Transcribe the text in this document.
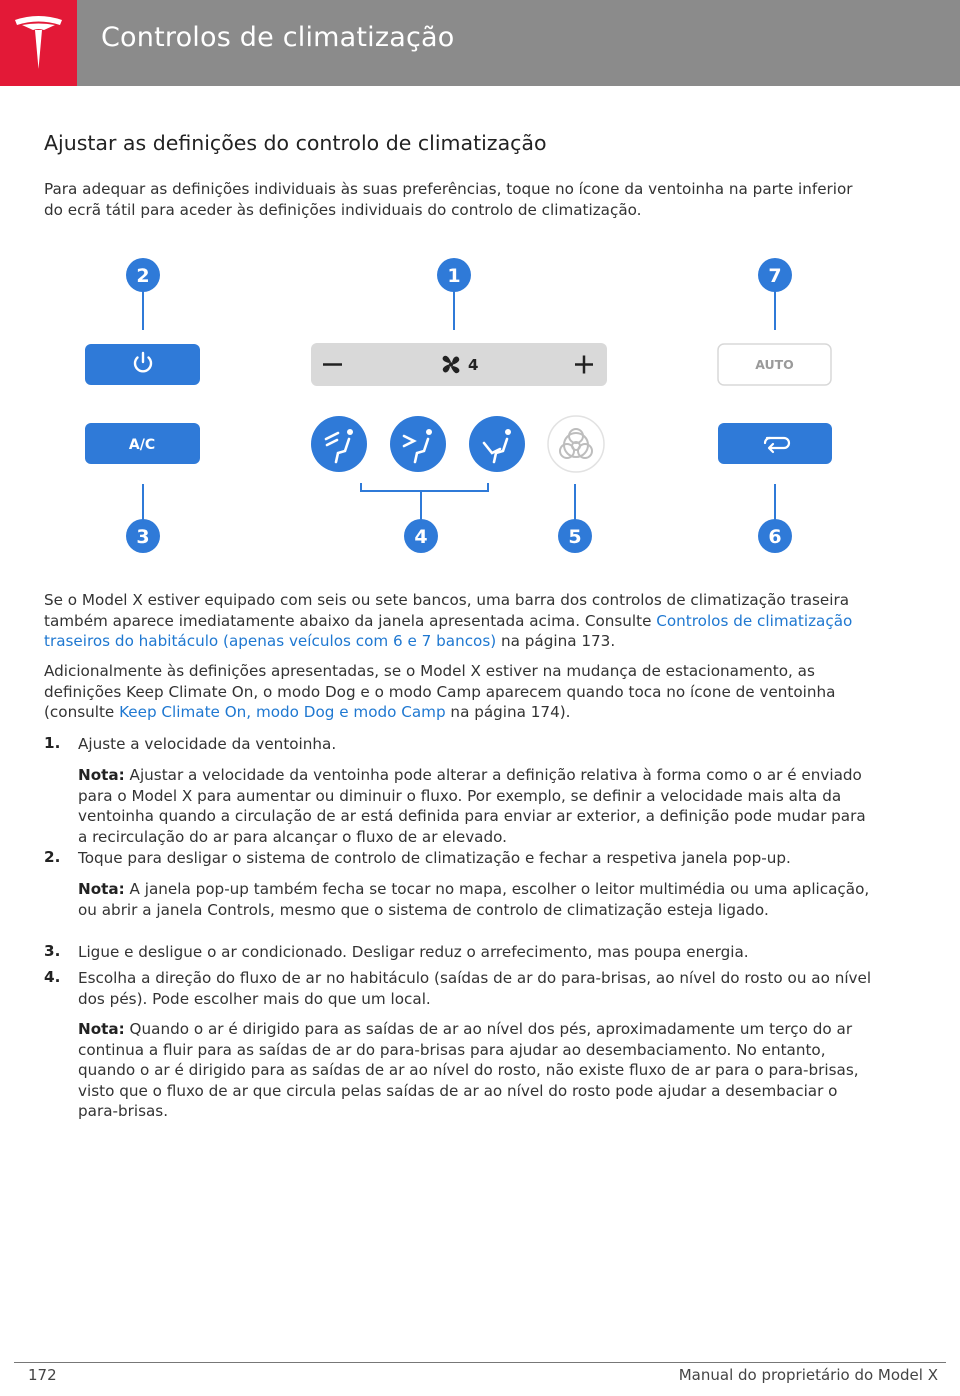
Controlos de climatização
Ajustar as definições do controlo de climatização
Para adequar as definições individuais às suas preferências, toque no ícone da ventoinha na parte inferior do ecrã tátil para aceder às definições individuais do controlo de climatização.
2	1	7
3	4	5	6
A/C
4	AUTO
Se o Model X estiver equipado com seis ou sete bancos, uma barra dos controlos de climatização traseira também aparece imediatamente abaixo da janela apresentada acima. Consulte Controlos de climatização traseiros do habitáculo (apenas veículos com 6 e 7 bancos) na página 173.
Adicionalmente às definições apresentadas, se o Model X estiver na mudança de estacionamento, as definições Keep Climate On, o modo Dog e o modo Camp aparecem quando toca no ícone de ventoinha (consulte Keep Climate On, modo Dog e modo Camp na página 174).
1. Ajuste a velocidade da ventoinha.
Nota: Ajustar a velocidade da ventoinha pode alterar a definição relativa à forma como o ar é enviado para o Model X para aumentar ou diminuir o fluxo. Por exemplo, se definir a velocidade mais alta da ventoinha quando a circulação de ar está definida para enviar ar exterior, a definição pode mudar para a recirculação do ar para alcançar o fluxo de ar elevado.
2. Toque para desligar o sistema de controlo de climatização e fechar a respetiva janela pop-up.
Nota: A janela pop-up também fecha se tocar no mapa, escolher o leitor multimédia ou uma aplicação, ou abrir a janela Controls, mesmo que o sistema de controlo de climatização esteja ligado.
3. Ligue e desligue o ar condicionado. Desligar reduz o arrefecimento, mas poupa energia.
4. Escolha a direção do fluxo de ar no habitáculo (saídas de ar do para-brisas, ao nível do rosto ou ao nível dos pés). Pode escolher mais do que um local.
Nota: Quando o ar é dirigido para as saídas de ar ao nível dos pés, aproximadamente um terço do ar continua a fluir para as saídas de ar do para-brisas para ajudar ao desembaciamento. No entanto, quando o ar é dirigido para as saídas de ar ao nível do rosto, não existe fluxo de ar para o para-brisas, visto que o fluxo de ar que circula pelas saídas de ar ao nível do rosto pode ajudar a desembaciar o para-brisas.
172	Manual do proprietário do Model X
